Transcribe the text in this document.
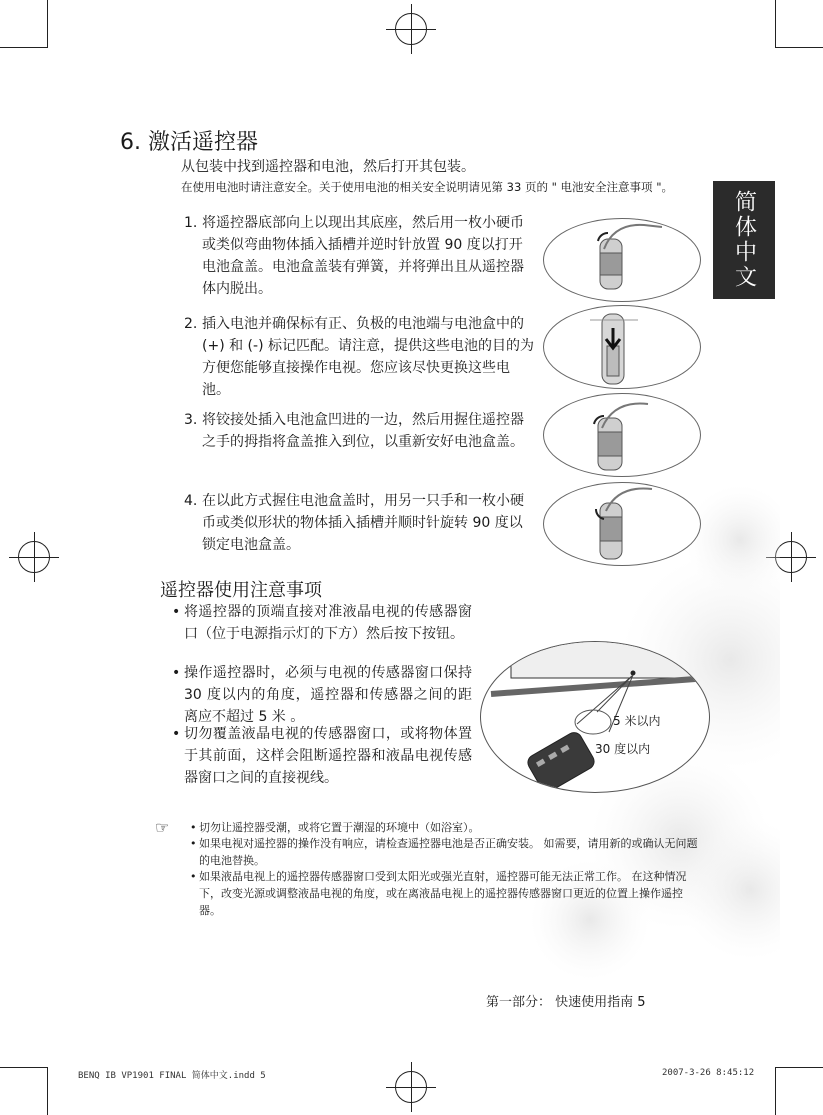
简体中文
6. 激活遥控器
从包装中找到遥控器和电池，然后打开其包装。
在使用电池时请注意安全。关于使用电池的相关安全说明请见第 33 页的 " 电池安全注意事项 "。
1. 将遥控器底部向上以现出其底座，然后用一枚小硬币或类似弯曲物体插入插槽并逆时针放置 90 度以打开电池盒盖。电池盒盖装有弹簧，并将弹出且从遥控器体内脱出。
2. 插入电池并确保标有正、负极的电池端与电池盒中的 (+) 和 (-) 标记匹配。请注意，提供这些电池的目的为方便您能够直接操作电视。您应该尽快更换这些电池。
3. 将铰接处插入电池盒凹进的一边，然后用握住遥控器之手的拇指将盒盖推入到位，以重新安好电池盒盖。
4. 在以此方式握住电池盒盖时，用另一只手和一枚小硬币或类似形状的物体插入插槽并顺时针旋转 90 度以锁定电池盒盖。
遥控器使用注意事项
• 将遥控器的顶端直接对准液晶电视的传感器窗口（位于电源指示灯的下方）然后按下按钮。
• 操作遥控器时，必须与电视的传感器窗口保持 30 度以内的角度，遥控器和传感器之间的距离应不超过 5 米 。
• 切勿覆盖液晶电视的传感器窗口，或将物体置于其前面，这样会阻断遥控器和液晶电视传感器窗口之间的直接视线。
5 米以内
30 度以内
☞ • 切勿让遥控器受潮，或将它置于潮湿的环境中（如浴室）。
• 如果电视对遥控器的操作没有响应，请检查遥控器电池是否正确安装。 如需要，请用新的或确认无问题的电池替换。
• 如果液晶电视上的遥控器传感器窗口受到太阳光或强光直射，遥控器可能无法正常工作。 在这种情况下，改变光源或调整液晶电视的角度，或在离液晶电视上的遥控器传感器窗口更近的位置上操作遥控器。
第一部分： 快速使用指南 5
BENQ IB VP1901 FINAL 简体中文.indd 5	2007-3-26 8:45:12
